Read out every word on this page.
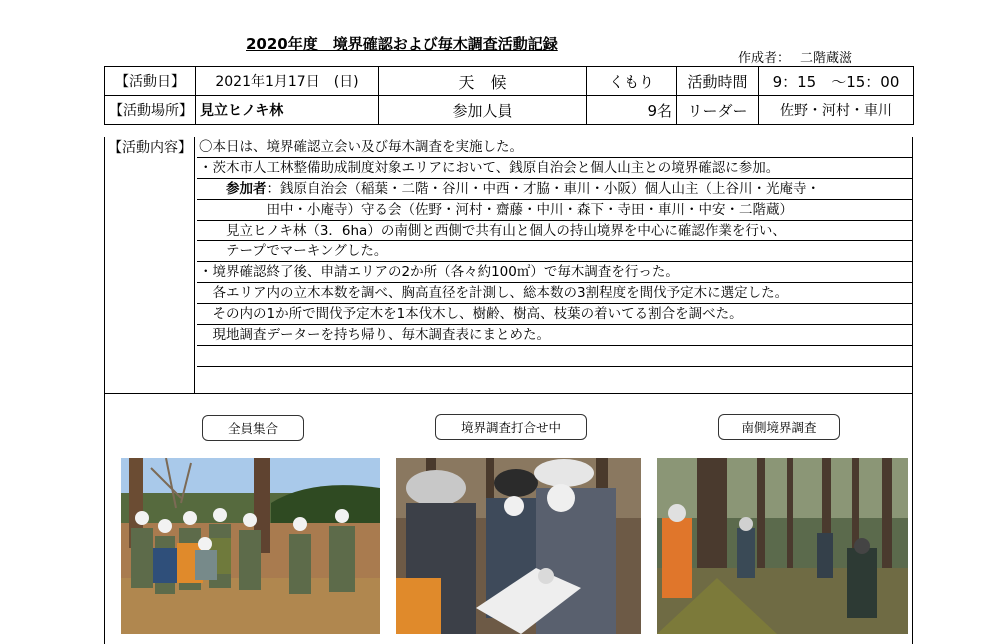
2020年度　境界確認および毎木調査活動記録
作成者： 二階蔵滋
【活動日】	2021年1月17日　(日)	天　候	くもり	活動時間	9：15　～15：00
【活動場所】	見立ヒノキ林	参加人員	9名	リーダー	佐野・河村・車川
【活動内容】 〇本日は、境界確認立会い及び毎木調査を実施した。
・茨木市人工林整備助成制度対象エリアにおいて、銭原自治会と個人山主との境界確認に参加。
　　参加者：銭原自治会（稲葉・二階・谷川・中西・才脇・車川・小阪）個人山主（上谷川・光庵寺・
　　　　　田中・小庵寺）守る会（佐野・河村・齋藤・中川・森下・寺田・車川・中安・二階蔵）
　　見立ヒノキ林（3．6ha）の南側と西側で共有山と個人の持山境界を中心に確認作業を行い、
　　テープでマーキングした。
・境界確認終了後、申請エリアの2か所（各々約100㎡）で毎木調査を行った。
　各エリア内の立木本数を調べ、胸高直径を計測し、総本数の3割程度を間伐予定木に選定した。
　その内の1か所で間伐予定木を1本伐木し、樹齢、樹高、枝葉の着いてる割合を調べた。
　現地調査データーを持ち帰り、毎木調査表にまとめた。
全員集合	境界調査打合せ中	南側境界調査
